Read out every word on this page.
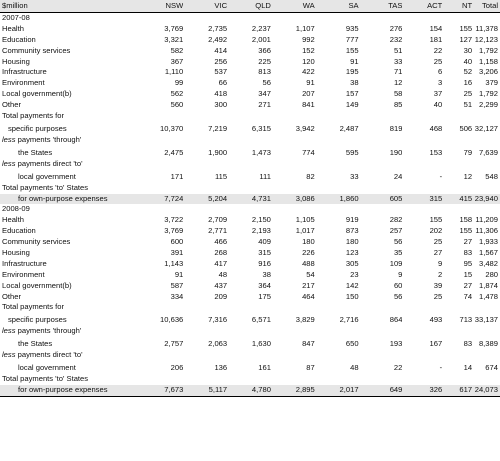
$million	NSW	VIC	QLD	WA	SA	TAS	ACT	NT	Total
2007-08
Health	3,769	2,735	2,237	1,107	935	276	154	155 11,378
Education	3,321	2,492	2,001	992	777	232	181	127 12,123
Community services	582	414	366	152	155	51	22	30 1,792
Housing	367	256	225	120	91	33	25	40 1,158
Infrastructure	1,110	537	813	422	195	71	6	52 3,206
Environment	99	66	56	91	38	12	3	16	379
Local government(b)	562	418	347	207	157	58	37	25 1,792
Other	560	300	271	841	149	85	40	51 2,299
Total payments for
specific purposes	10,370	7,219	6,315	3,942	2,487	819	468	506 32,127
less payments 'through'
the States	2,475	1,900	1,473	774	595	190	153	79 7,639
less payments direct 'to'
local government	171	115	111	82	33	24	-	12	548
Total payments 'to' States
for own-purpose expenses	7,724	5,204	4,731	3,086	1,860	605	315	415 23,940
2008-09
Health	3,722	2,709	2,150	1,105	919	282	155	158 11,209
Education	3,769	2,771	2,193	1,017	873	257	202	155 11,306
Community services	600	466	409	180	180	56	25	27 1,933
Housing	391	268	315	226	123	35	27	83 1,567
Infrastructure	1,143	417	916	488	305	109	9	95 3,482
Environment	91	48	38	54	23	9	2	15	280
Local government(b)	587	437	364	217	142	60	39	27 1,874
Other	334	209	175	464	150	56	25	74 1,478
Total payments for
specific purposes	10,636	7,316	6,571	3,829	2,716	864	493	713 33,137
less payments 'through'
the States	2,757	2,063	1,630	847	650	193	167	83 8,389
less payments direct 'to'
local government	206	136	161	87	48	22	-	14	674
Total payments 'to' States
for own-purpose expenses	7,673	5,117	4,780	2,895	2,017	649	326	617 24,073
